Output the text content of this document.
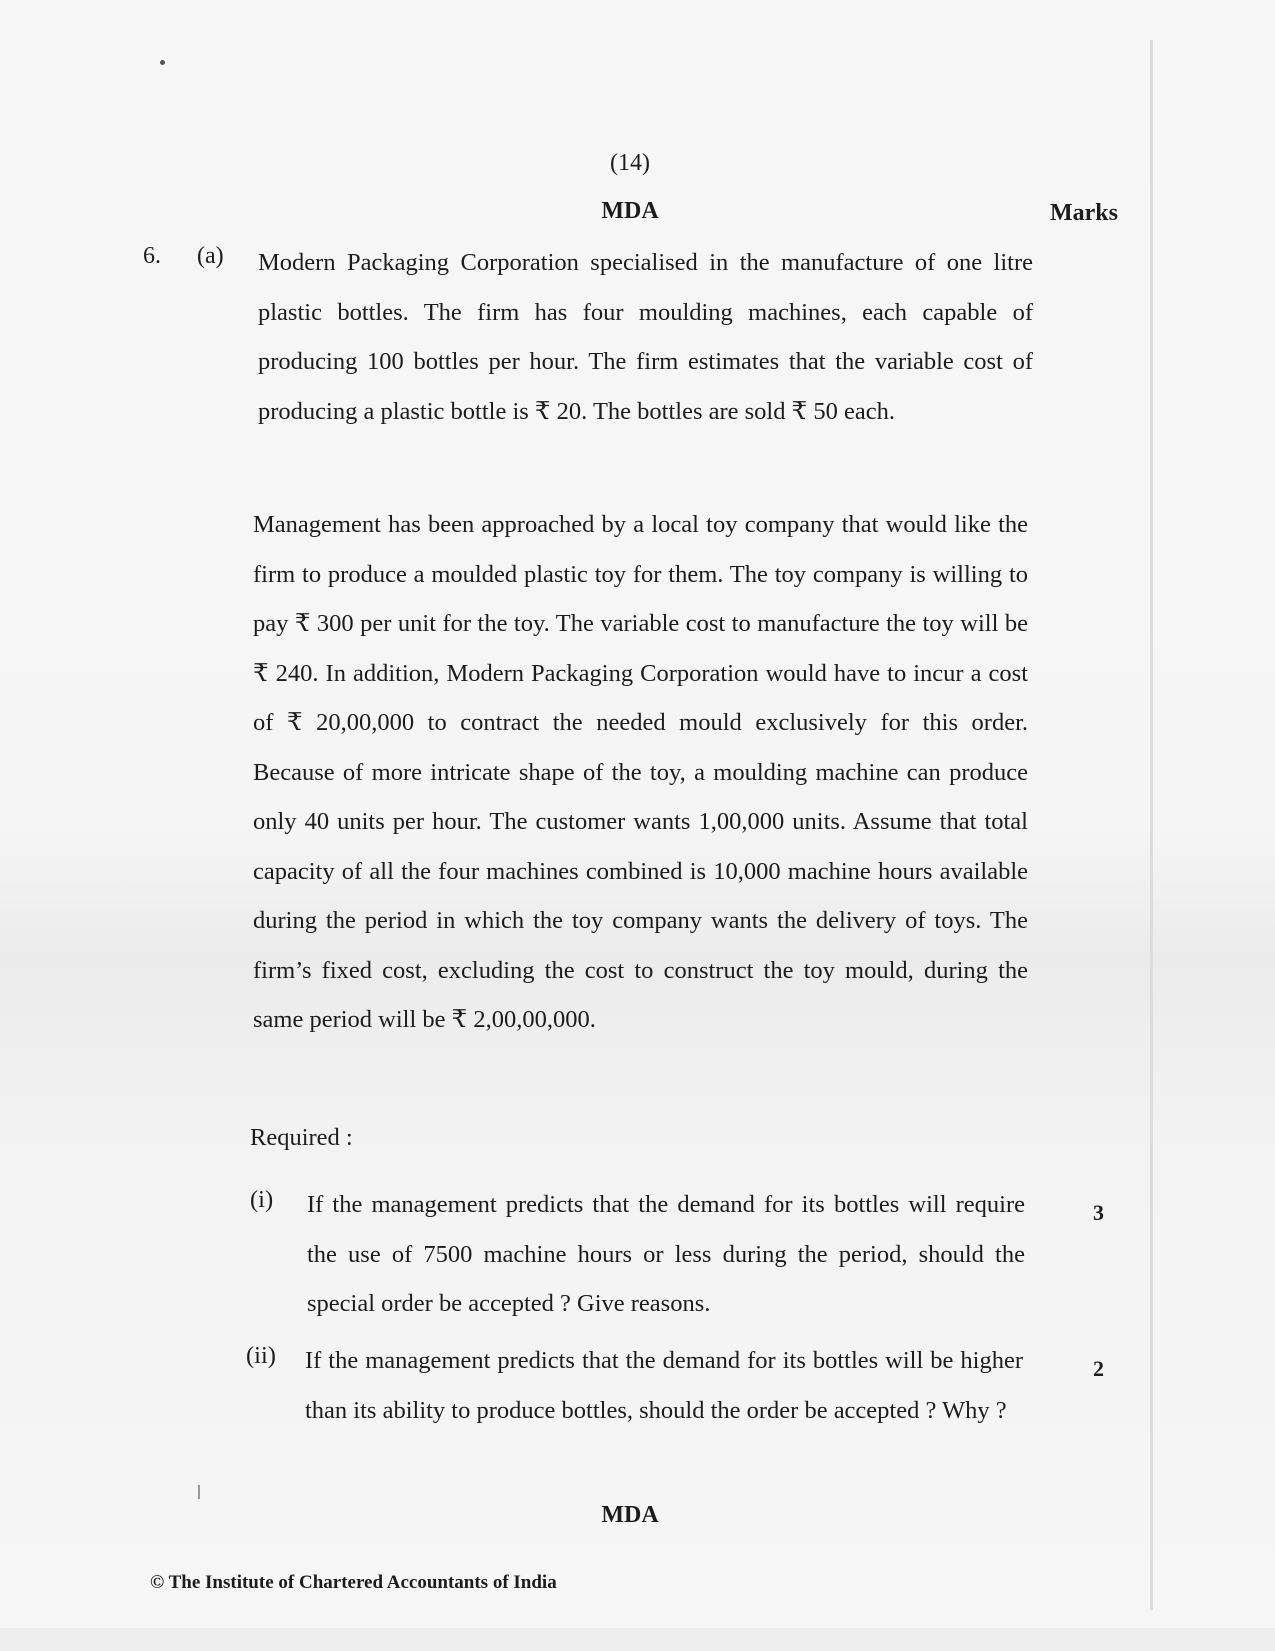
(14)
MDA	Marks
6. (a) Modern Packaging Corporation specialised in the manufacture of one litre plastic bottles. The firm has four moulding machines, each capable of producing 100 bottles per hour. The firm estimates that the variable cost of producing a plastic bottle is ₹ 20. The bottles are sold ₹ 50 each.
Management has been approached by a local toy company that would like the firm to produce a moulded plastic toy for them. The toy company is willing to pay ₹ 300 per unit for the toy. The variable cost to manufacture the toy will be ₹ 240. In addition, Modern Packaging Corporation would have to incur a cost of ₹ 20,00,000 to contract the needed mould exclusively for this order. Because of more intricate shape of the toy, a moulding machine can produce only 40 units per hour. The customer wants 1,00,000 units. Assume that total capacity of all the four machines combined is 10,000 machine hours available during the period in which the toy company wants the delivery of toys. The firm’s fixed cost, excluding the cost to construct the toy mould, during the same period will be ₹ 2,00,00,000.
Required :
(i) If the management predicts that the demand for its bottles will require the use of 7500 machine hours or less during the period, should the special order be accepted ? Give reasons.
3
(ii) If the management predicts that the demand for its bottles will be higher than its ability to produce bottles, should the order be accepted ? Why ?
2
MDA
© The Institute of Chartered Accountants of India
